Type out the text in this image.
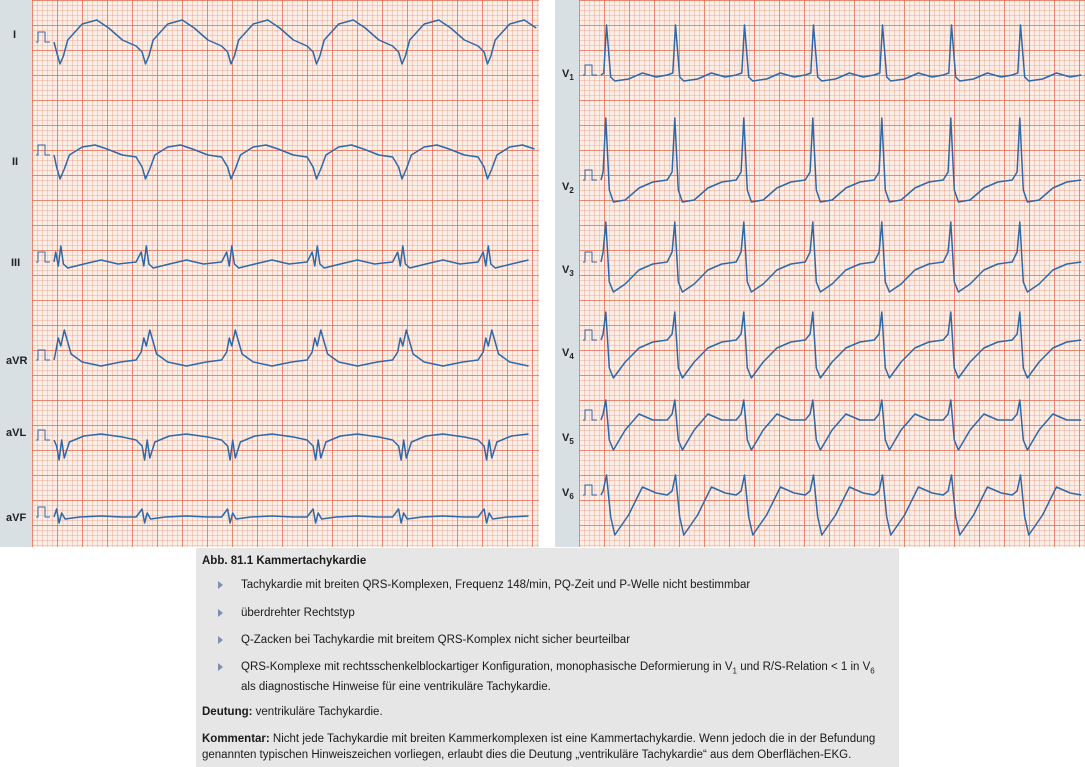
I
II
III
aVR
aVL
aVF
$V_1$
$V_2$
$V_3$
$V_4$
$V_5$
$V_6$
Abb. 81.1 Kammertachykardie
Tachykardie mit breiten QRS-Komplexen, Frequenz 148/min, PQ-Zeit und P-Welle nicht bestimmbar
überdrehter Rechtstyp
Q-Zacken bei Tachykardie mit breitem QRS-Komplex nicht sicher beurteilbar
QRS-Komplexe mit rechtsschenkelblockartiger Konfiguration, monophasische Deformierung in $V_1$ und R/S-Relation < 1 in $V_6$ als diagnostische Hinweise für eine ventrikuläre Tachykardie.
Deutung: ventrikuläre Tachykardie.
Kommentar: Nicht jede Tachykardie mit breiten Kammerkomplexen ist eine Kammertachykardie. Wenn jedoch die in der Befundung genannten typischen Hinweiszeichen vorliegen, erlaubt dies die Deutung „ventrikuläre Tachykardie“ aus dem Oberflächen-EKG.
